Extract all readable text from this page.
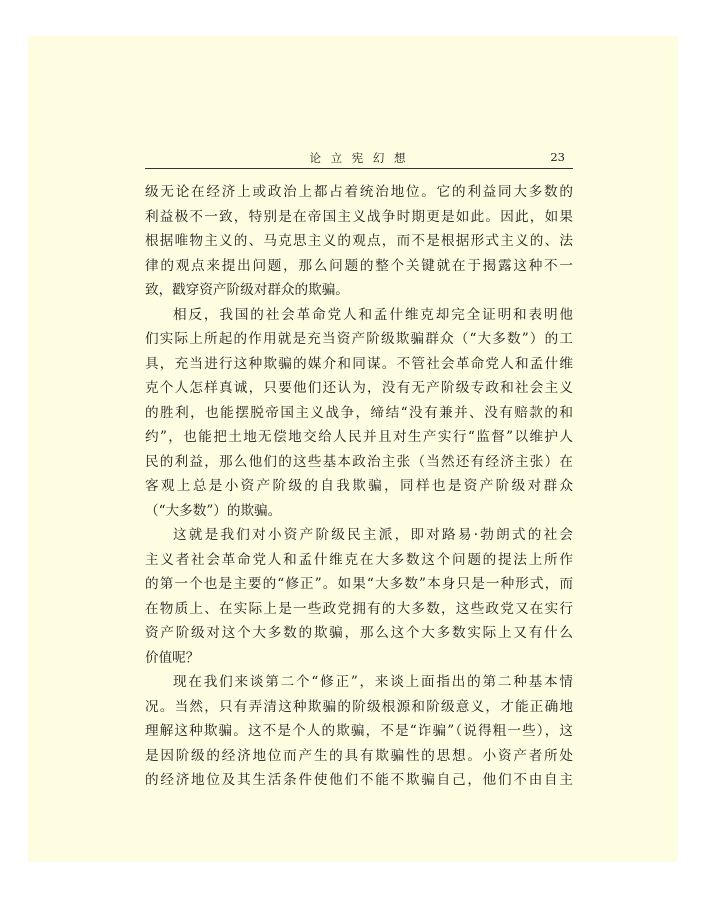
论 立 宪 幻 想	23
级无论在经济上或政治上都占着统治地位。它的利益同大多数的
利益极不一致，特别是在帝国主义战争时期更是如此。因此，如果
根据唯物主义的、马克思主义的观点，而不是根据形式主义的、法
律的观点来提出问题，那么问题的整个关键就在于揭露这种不一
致，戳穿资产阶级对群众的欺骗。
相反，我国的社会革命党人和孟什维克却完全证明和表明他
们实际上所起的作用就是充当资产阶级欺骗群众（“大多数”）的工
具，充当进行这种欺骗的媒介和同谋。不管社会革命党人和孟什维
克个人怎样真诚，只要他们还认为，没有无产阶级专政和社会主义
的胜利，也能摆脱帝国主义战争，缔结“没有兼并、没有赔款的和
约”，也能把土地无偿地交给人民并且对生产实行“监督”以维护人
民的利益，那么他们的这些基本政治主张（当然还有经济主张）在
客观上总是小资产阶级的自我欺骗，同样也是资产阶级对群众
（“大多数”）的欺骗。
这就是我们对小资产阶级民主派，即对路易·勃朗式的社会
主义者社会革命党人和孟什维克在大多数这个问题的提法上所作
的第一个也是主要的“修正”。如果“大多数”本身只是一种形式，而
在物质上、在实际上是一些政党拥有的大多数，这些政党又在实行
资产阶级对这个大多数的欺骗，那么这个大多数实际上又有什么
价值呢？
现在我们来谈第二个“修正”，来谈上面指出的第二种基本情
况。当然，只有弄清这种欺骗的阶级根源和阶级意义，才能正确地
理解这种欺骗。这不是个人的欺骗，不是“诈骗”（说得粗一些），这
是因阶级的经济地位而产生的具有欺骗性的思想。小资产者所处
的经济地位及其生活条件使他们不能不欺骗自己，他们不由自主
